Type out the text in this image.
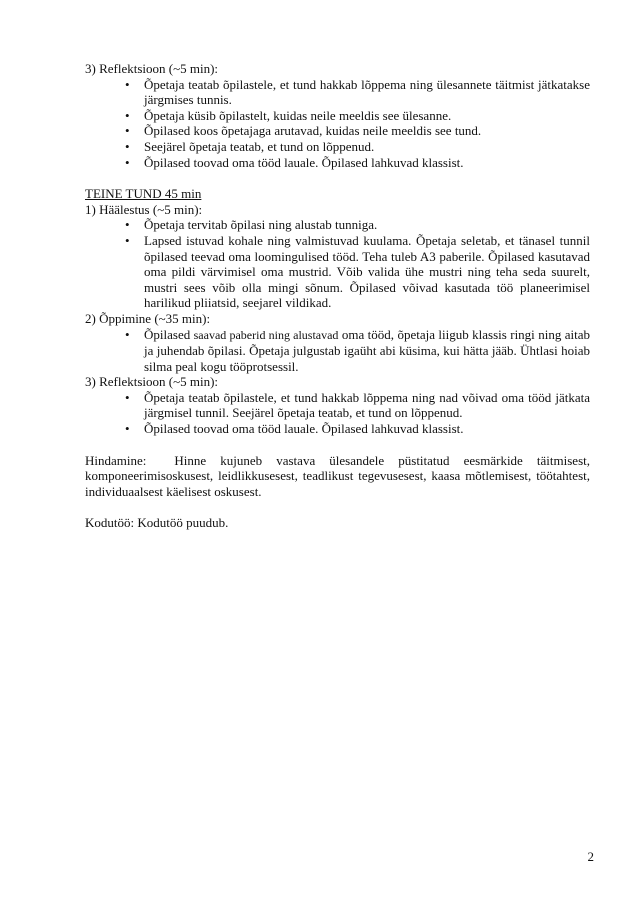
3) Reflektsioon (~5 min):

• Õpetaja teatab õpilastele, et tund hakkab lõppema ning ülesannete täitmist jätkatakse järgmises tunnis.
• Õpetaja küsib õpilastelt, kuidas neile meeldis see ülesanne.
• Õpilased koos õpetajaga arutavad, kuidas neile meeldis see tund.
• Seejärel õpetaja teatab, et tund on lõppenud.
• Õpilased toovad oma tööd lauale. Õpilased lahkuvad klassist.

TEINE TUND 45 min

1) Häälestus (~5 min):

• Õpetaja tervitab õpilasi ning alustab tunniga.
• Lapsed istuvad kohale ning valmistuvad kuulama. Õpetaja seletab, et tänasel tunnil õpilased teevad oma loomingulised tööd. Teha tuleb A3 paberile. Õpilased kasutavad oma pildi värvimisel oma mustrid. Võib valida ühe mustri ning teha seda suurelt, mustri sees võib olla mingi sõnum. Õpilased võivad kasutada töö planeerimisel harilikud pliiatsid, seejarel vildikad.

2) Õppimine (~35 min):

• Õpilased saavad paberid ning alustavad oma tööd, õpetaja liigub klassis ringi ning aitab ja juhendab õpilasi. Õpetaja julgustab igaüht abi küsima, kui hätta jääb. Ühtlasi hoiab silma peal kogu tööprotsessil.

3) Reflektsioon (~5 min):

• Õpetaja teatab õpilastele, et tund hakkab lõppema ning nad võivad oma tööd jätkata järgmisel tunnil. Seejärel õpetaja teatab, et tund on lõppenud.
• Õpilased toovad oma tööd lauale. Õpilased lahkuvad klassist.

Hindamine: Hinne kujuneb vastava ülesandele püstitatud eesmärkide täitmisest, komponeerimisoskusest, leidlikkusesest, teadlikust tegevusesest, kaasa mõtlemisest, töötahtest, individuaalsest käelisest oskusest.

Kodutöö: Kodutöö puudub.

2
